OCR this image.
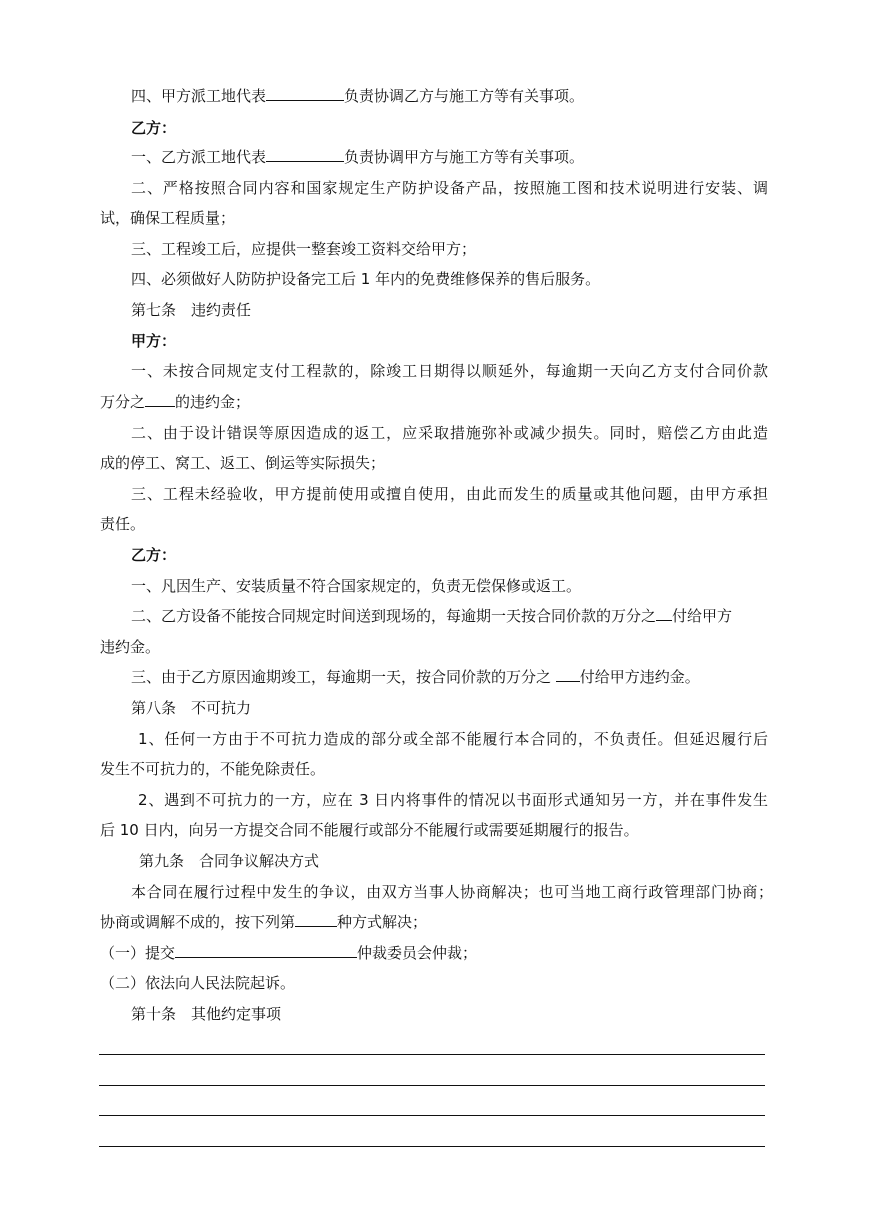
四、甲方派工地代表	负责协调乙方与施工方等有关事项。
乙方：
一、乙方派工地代表	负责协调甲方与施工方等有关事项。
二、严格按照合同内容和国家规定生产防护设备产品，按照施工图和技术说明进行安装、调
试，确保工程质量；
三、工程竣工后，应提供一整套竣工资料交给甲方；
四、必须做好人防防护设备完工后 1 年内的免费维修保养的售后服务。
第七条　违约责任
甲方：
一、未按合同规定支付工程款的，除竣工日期得以顺延外，每逾期一天向乙方支付合同价款
万分之 的违约金；
二、由于设计错误等原因造成的返工，应采取措施弥补或减少损失。同时，赔偿乙方由此造
成的停工、窝工、返工、倒运等实际损失；
三、工程未经验收，甲方提前使用或擅自使用，由此而发生的质量或其他问题，由甲方承担
责任。
乙方：
一、凡因生产、安装质量不符合国家规定的，负责无偿保修或返工。
二、乙方设备不能按合同规定时间送到现场的，每逾期一天按合同价款的万分之 付给甲方
违约金。
三、由于乙方原因逾期竣工，每逾期一天，按合同价款的万分之 付给甲方违约金。
第八条　不可抗力
1、任何一方由于不可抗力造成的部分或全部不能履行本合同的，不负责任。但延迟履行后
发生不可抗力的，不能免除责任。
2、遇到不可抗力的一方，应在 3 日内将事件的情况以书面形式通知另一方，并在事件发生
后 10 日内，向另一方提交合同不能履行或部分不能履行或需要延期履行的报告。
第九条　合同争议解决方式
本合同在履行过程中发生的争议，由双方当事人协商解决；也可当地工商行政管理部门协商；
协商或调解不成的，按下列第	种方式解决；
（一）提交	仲裁委员会仲裁；
（二）依法向人民法院起诉。
第十条　其他约定事项
